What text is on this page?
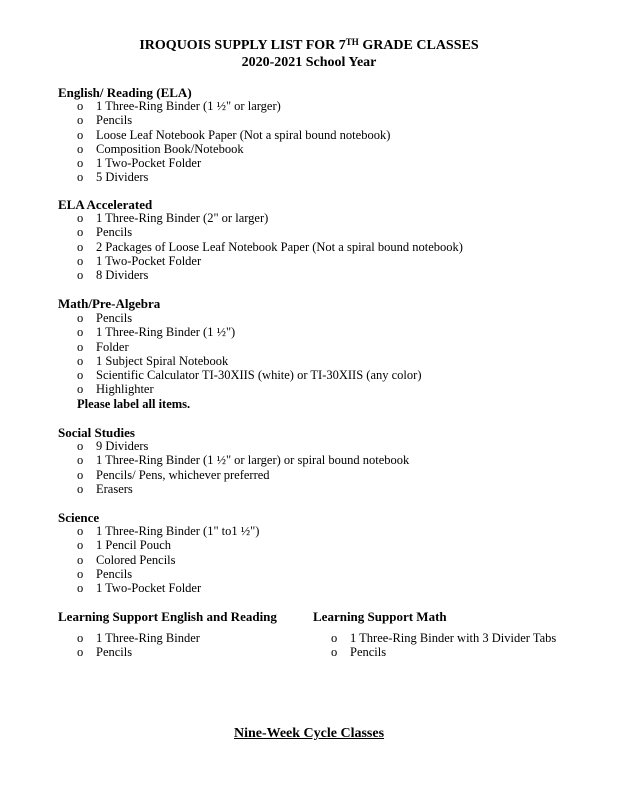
IROQUOIS SUPPLY LIST FOR 7TH GRADE CLASSES
2020-2021 School Year
English/ Reading (ELA)
o 1 Three-Ring Binder (1 ½" or larger)
o Pencils
o Loose Leaf Notebook Paper (Not a spiral bound notebook)
o Composition Book/Notebook
o 1 Two-Pocket Folder
o 5 Dividers
ELA Accelerated
o 1 Three-Ring Binder (2" or larger)
o Pencils
o 2 Packages of Loose Leaf Notebook Paper (Not a spiral bound notebook)
o 1 Two-Pocket Folder
o 8 Dividers
Math/Pre-Algebra
o Pencils
o 1 Three-Ring Binder (1 ½")
o Folder
o 1 Subject Spiral Notebook
o Scientific Calculator TI-30XIIS (white) or TI-30XIIS (any color)
o Highlighter
Please label all items.
Social Studies
o 9 Dividers
o 1 Three-Ring Binder (1 ½" or larger) or spiral bound notebook
o Pencils/ Pens, whichever preferred
o Erasers
Science
o 1 Three-Ring Binder (1" to1 ½")
o 1 Pencil Pouch
o Colored Pencils
o Pencils
o 1 Two-Pocket Folder
Learning Support English and Reading
o 1 Three-Ring Binder
o Pencils
Learning Support Math
o 1 Three-Ring Binder with 3 Divider Tabs
o Pencils
Nine-Week Cycle Classes
